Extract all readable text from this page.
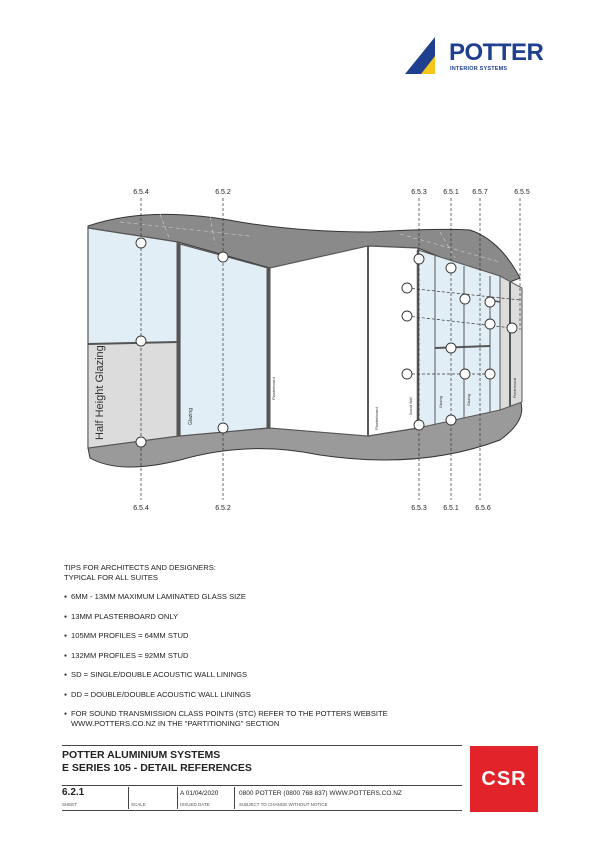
POTTER
INTERIOR SYSTEMS
6.5.4	6.5.2	6.5.3 6.5.1 6.5.7	6.5.5
6.5.4	6.5.2	6.5.3 6.5.1 6.5.6
Half Height Glazing	Glazing
Plasterboard
Plasterboard
Sound Wall	Glazing	Glazing
Plasterboard
TIPS FOR ARCHITECTS AND DESIGNERS:
TYPICAL FOR ALL SUITES
● 6MM - 13MM MAXIMUM LAMINATED GLASS SIZE
● 13MM PLASTERBOARD ONLY
● 105MM PROFILES = 64MM STUD
● 132MM PROFILES = 92MM STUD
● SD = SINGLE/DOUBLE ACOUSTIC WALL LININGS
● DD = DOUBLE/DOUBLE ACOUSTIC WALL LININGS
● FOR SOUND TRANSMISSION CLASS POINTS (STC) REFER TO THE POTTERS WEBSITE WWW.POTTERS.CO.NZ IN THE "PARTITIONING" SECTION
POTTER ALUMINIUM SYSTEMS
E SERIES 105 - DETAIL REFERENCES
6.2.1
SHEET	SCALE
A 01/04/2020
ISSUED DATE
0800 POTTER (0800 768 837) WWW.POTTERS.CO.NZ
SUBJECT TO CHANGE WITHOUT NOTICE
CSR
